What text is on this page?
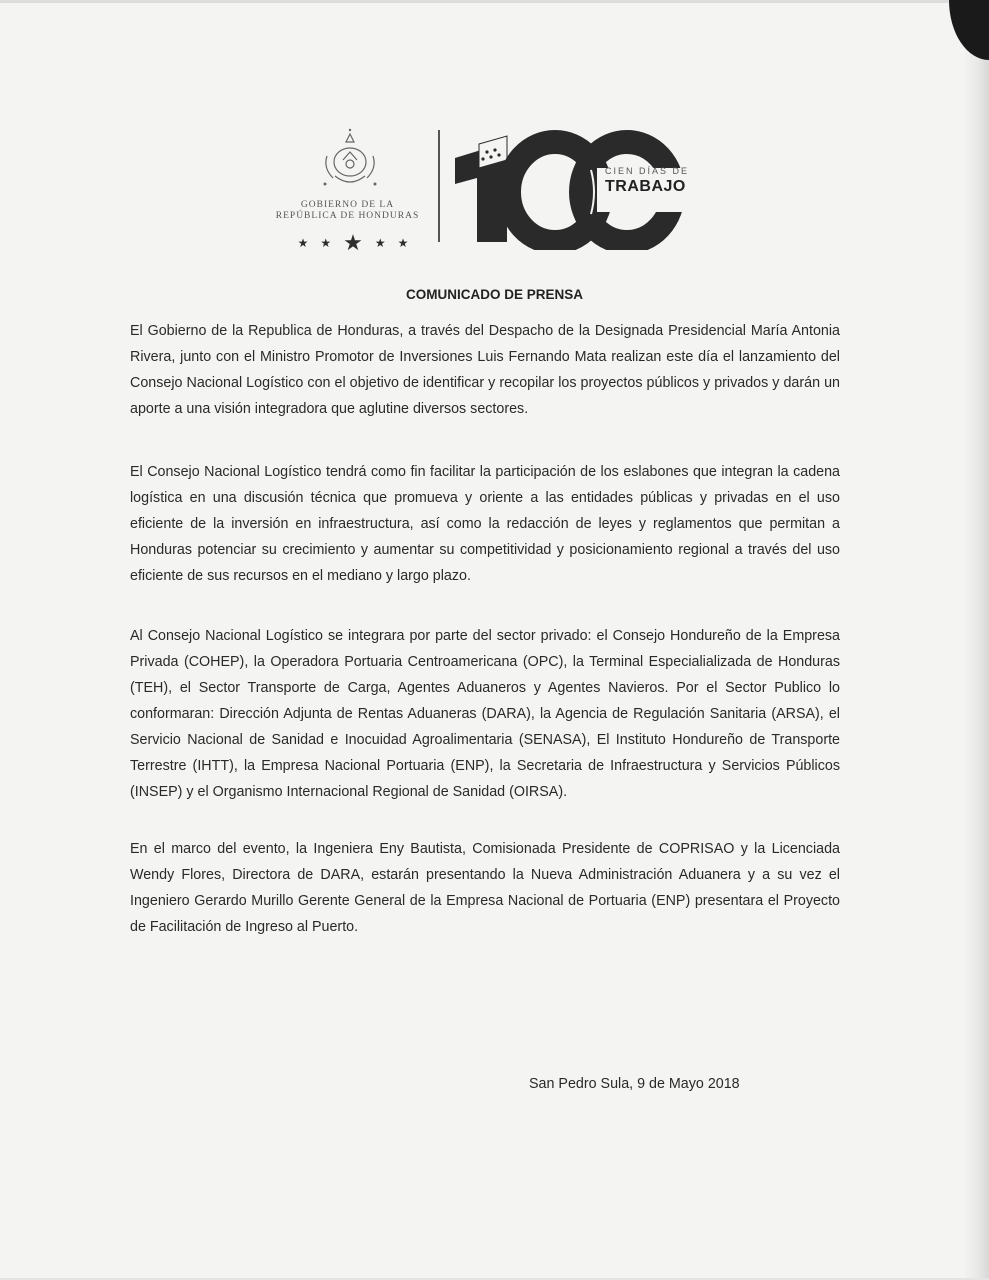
GOBIERNO DE LA
REPÚBLICA DE HONDURAS
★ ★ ★ ★ ★
CIEN DÍAS DE
TRABAJO
COMUNICADO DE PRENSA
El Gobierno de la Republica de Honduras, a través del Despacho de la Designada Presidencial María Antonia Rivera, junto con el Ministro Promotor de Inversiones Luis Fernando Mata realizan este día el lanzamiento del Consejo Nacional Logístico con el objetivo de identificar y recopilar los proyectos públicos y privados y darán un aporte a una visión integradora que aglutine diversos sectores.
El Consejo Nacional Logístico tendrá como fin facilitar la participación de los eslabones que integran la cadena logística en una discusión técnica que promueva y oriente a las entidades públicas y privadas en el uso eficiente de la inversión en infraestructura, así como la redacción de leyes y reglamentos que permitan a Honduras potenciar su crecimiento y aumentar su competitividad y posicionamiento regional a través del uso eficiente de sus recursos en el mediano y largo plazo.
Al Consejo Nacional Logístico se integrara por parte del sector privado: el Consejo Hondureño de la Empresa Privada (COHEP), la Operadora Portuaria Centroamericana (OPC), la Terminal Especialializada de Honduras (TEH), el Sector Transporte de Carga, Agentes Aduaneros y Agentes Navieros. Por el Sector Publico lo conformaran: Dirección Adjunta de Rentas Aduaneras (DARA), la Agencia de Regulación Sanitaria (ARSA), el Servicio Nacional de Sanidad e Inocuidad Agroalimentaria (SENASA), El Instituto Hondureño de Transporte Terrestre (IHTT), la Empresa Nacional Portuaria (ENP), la Secretaria de Infraestructura y Servicios Públicos (INSEP) y el Organismo Internacional Regional de Sanidad (OIRSA).
En el marco del evento, la Ingeniera Eny Bautista, Comisionada Presidente de COPRISAO y la Licenciada Wendy Flores, Directora de DARA, estarán presentando la Nueva Administración Aduanera y a su vez el Ingeniero Gerardo Murillo Gerente General de la Empresa Nacional de Portuaria (ENP) presentara el Proyecto de Facilitación de Ingreso al Puerto.
San Pedro Sula, 9 de Mayo 2018
